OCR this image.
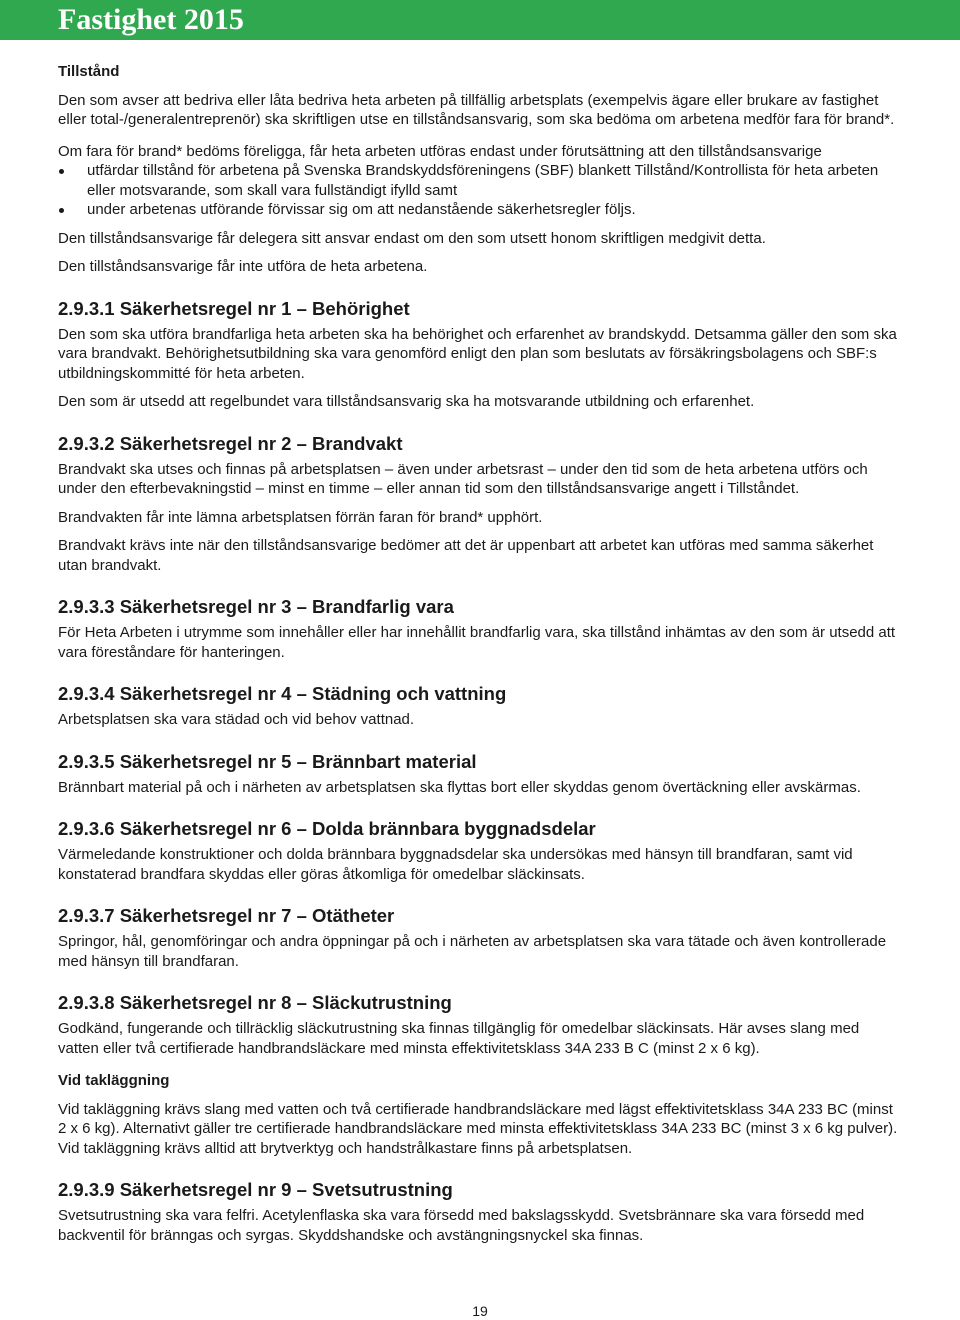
Fastighet 2015

Tillstånd

Den som avser att bedriva eller låta bedriva heta arbeten på tillfällig arbetsplats (exempelvis ägare eller brukare av fastighet eller total-/generalentreprenör) ska skriftligen utse en tillståndsansvarig, som ska bedöma om arbetena medför fara för brand*.

Om fara för brand* bedöms föreligga, får heta arbeten utföras endast under förutsättning att den tillståndsansvarige

utfärdar tillstånd för arbetena på Svenska Brandskyddsföreningens (SBF) blankett Tillstånd/Kontrollista för heta arbeten eller motsvarande, som skall vara fullständigt ifylld samt
under arbetenas utförande förvissar sig om att nedanstående säkerhetsregler följs.

Den tillståndsansvarige får delegera sitt ansvar endast om den som utsett honom skriftligen medgivit detta.

Den tillståndsansvarige får inte utföra de heta arbetena.

2.9.3.1 Säkerhetsregel nr 1 – Behörighet

Den som ska utföra brandfarliga heta arbeten ska ha behörighet och erfarenhet av brandskydd. Detsamma gäller den som ska vara brandvakt. Behörighetsutbildning ska vara genomförd enligt den plan som beslutats av försäkringsbolagens och SBF:s utbildningskommitté för heta arbeten.

Den som är utsedd att regelbundet vara tillståndsansvarig ska ha motsvarande utbildning och erfarenhet.

2.9.3.2 Säkerhetsregel nr 2 – Brandvakt

Brandvakt ska utses och finnas på arbetsplatsen – även under arbetsrast – under den tid som de heta arbetena utförs och under den efterbevakningstid – minst en timme – eller annan tid som den tillståndsansvarige angett i Tillståndet.

Brandvakten får inte lämna arbetsplatsen förrän faran för brand* upphört.

Brandvakt krävs inte när den tillståndsansvarige bedömer att det är uppenbart att arbetet kan utföras med samma säkerhet utan brandvakt.

2.9.3.3 Säkerhetsregel nr 3 – Brandfarlig vara

För Heta Arbeten i utrymme som innehåller eller har innehållit brandfarlig vara, ska tillstånd inhämtas av den som är utsedd att vara föreståndare för hanteringen.

2.9.3.4 Säkerhetsregel nr 4 – Städning och vattning

Arbetsplatsen ska vara städad och vid behov vattnad.

2.9.3.5 Säkerhetsregel nr 5 – Brännbart material

Brännbart material på och i närheten av arbetsplatsen ska flyttas bort eller skyddas genom övertäckning eller avskärmas.

2.9.3.6 Säkerhetsregel nr 6 – Dolda brännbara byggnadsdelar

Värmeledande konstruktioner och dolda brännbara byggnadsdelar ska undersökas med hänsyn till brandfaran, samt vid konstaterad brandfara skyddas eller göras åtkomliga för omedelbar släckinsats.

2.9.3.7 Säkerhetsregel nr 7 – Otätheter

Springor, hål, genomföringar och andra öppningar på och i närheten av arbetsplatsen ska vara tätade och även kontrollerade med hänsyn till brandfaran.

2.9.3.8 Säkerhetsregel nr 8 – Släckutrustning

Godkänd, fungerande och tillräcklig släckutrustning ska finnas tillgänglig för omedelbar släckinsats. Här avses slang med vatten eller två certifierade handbrandsläckare med minsta effektivitetsklass 34A 233 B C (minst 2 x 6 kg).

Vid takläggning

Vid takläggning krävs slang med vatten och två certifierade handbrandsläckare med lägst effektivitetsklass 34A 233 BC (minst 2 x 6 kg). Alternativt gäller tre certifierade handbrandsläckare med minsta effektivitetsklass 34A 233 BC (minst 3 x 6 kg pulver). Vid takläggning krävs alltid att brytverktyg och handstrålkastare finns på arbetsplatsen.

2.9.3.9 Säkerhetsregel nr 9 – Svetsutrustning

Svetsutrustning ska vara felfri. Acetylenflaska ska vara försedd med bakslagsskydd. Svetsbrännare ska vara försedd med backventil för bränngas och syrgas. Skyddshandske och avstängningsnyckel ska finnas.

19
